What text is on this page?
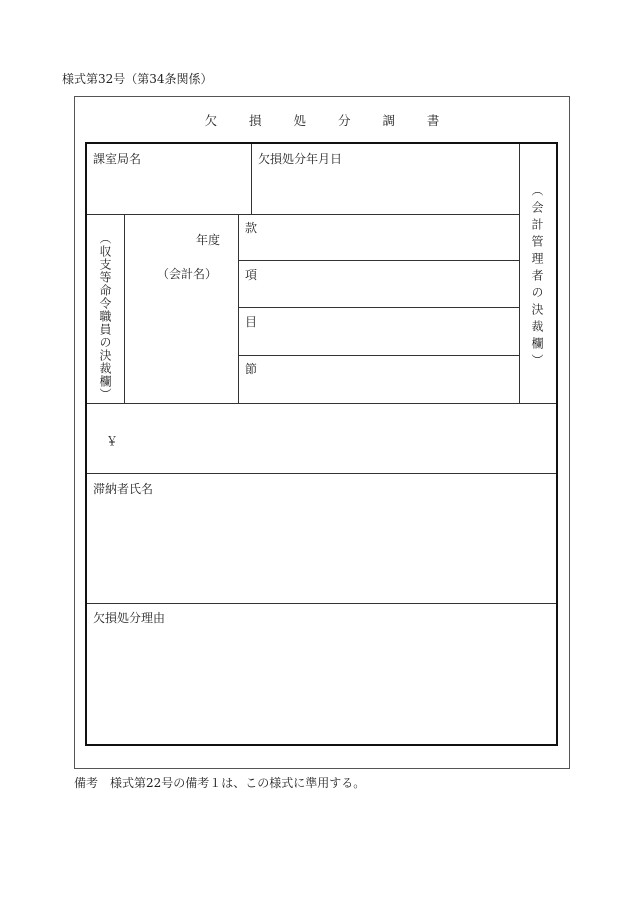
様式第32号（第34条関係）
欠 損 処 分 調 書
課室局名	欠損処分年月日
（会計管理者の決裁欄）
（収支等命令職員の決裁欄）	年度
（会計名）
款
項
目
節
￥
滞納者氏名
欠損処分理由
備考　様式第22号の備考１は、この様式に準用する。
